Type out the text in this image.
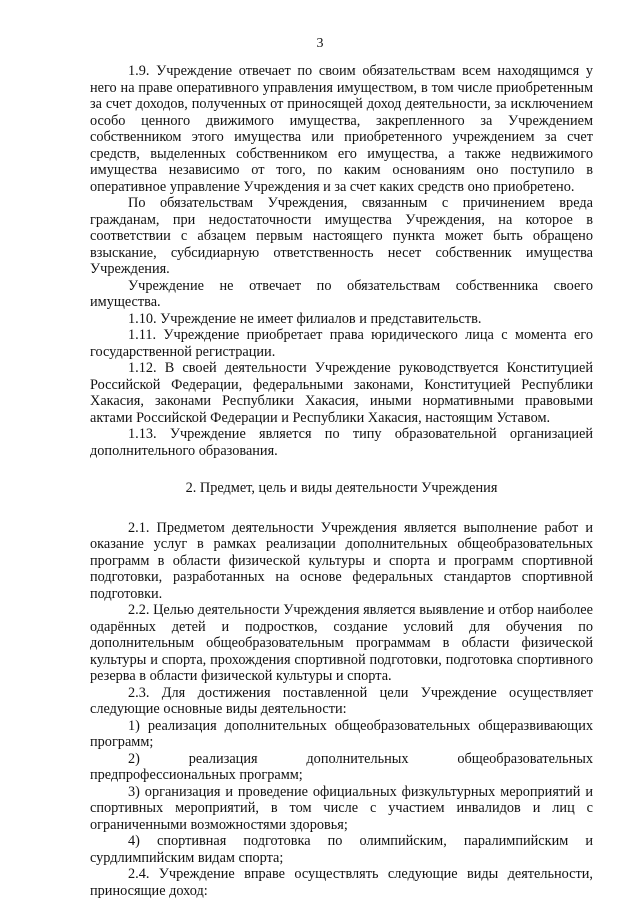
3

1.9. Учреждение отвечает по своим обязательствам всем находящимся у него на праве оперативного управления имуществом, в том числе приобретенным за счет доходов, полученных от приносящей доход деятельности, за исключением особо ценного движимого имущества, закрепленного за Учреждением собственником этого имущества или приобретенного учреждением за счет средств, выделенных собственником его имущества, а также недвижимого имущества независимо от того, по каким основаниям оно поступило в оперативное управление Учреждения и за счет каких средств оно приобретено.

По обязательствам Учреждения, связанным с причинением вреда гражданам, при недостаточности имущества Учреждения, на которое в соответствии с абзацем первым настоящего пункта может быть обращено взыскание, субсидиарную ответственность несет собственник имущества Учреждения.

Учреждение не отвечает по обязательствам собственника своего имущества.

1.10. Учреждение не имеет филиалов и представительств.

1.11. Учреждение приобретает права юридического лица с момента его государственной регистрации.

1.12. В своей деятельности Учреждение руководствуется Конституцией Российской Федерации, федеральными законами, Конституцией Республики Хакасия, законами Республики Хакасия, иными нормативными правовыми актами Российской Федерации и Республики Хакасия, настоящим Уставом.

1.13. Учреждение является по типу образовательной организацией дополнительного образования.

2. Предмет, цель и виды деятельности Учреждения

2.1. Предметом деятельности Учреждения является выполнение работ и оказание услуг в рамках реализации дополнительных общеобразовательных программ в области физической культуры и спорта и программ спортивной подготовки, разработанных на основе федеральных стандартов спортивной подготовки.

2.2. Целью деятельности Учреждения является выявление и отбор наиболее одарённых детей и подростков, создание условий для обучения по дополнительным общеобразовательным программам в области физической культуры и спорта, прохождения спортивной подготовки, подготовка спортивного резерва в области физической культуры и спорта.

2.3. Для достижения поставленной цели Учреждение осуществляет следующие основные виды деятельности:

1) реализация дополнительных общеобразовательных общеразвивающих программ;

2)	реализация	дополнительных	общеобразовательных

предпрофессиональных программ;

3) организация и проведение официальных физкультурных мероприятий и спортивных мероприятий, в том числе с участием инвалидов и лиц с ограниченными возможностями здоровья;

4) спортивная подготовка по олимпийским, паралимпийским и сурдлимпийским видам спорта;

2.4. Учреждение вправе осуществлять следующие виды деятельности, приносящие доход:
